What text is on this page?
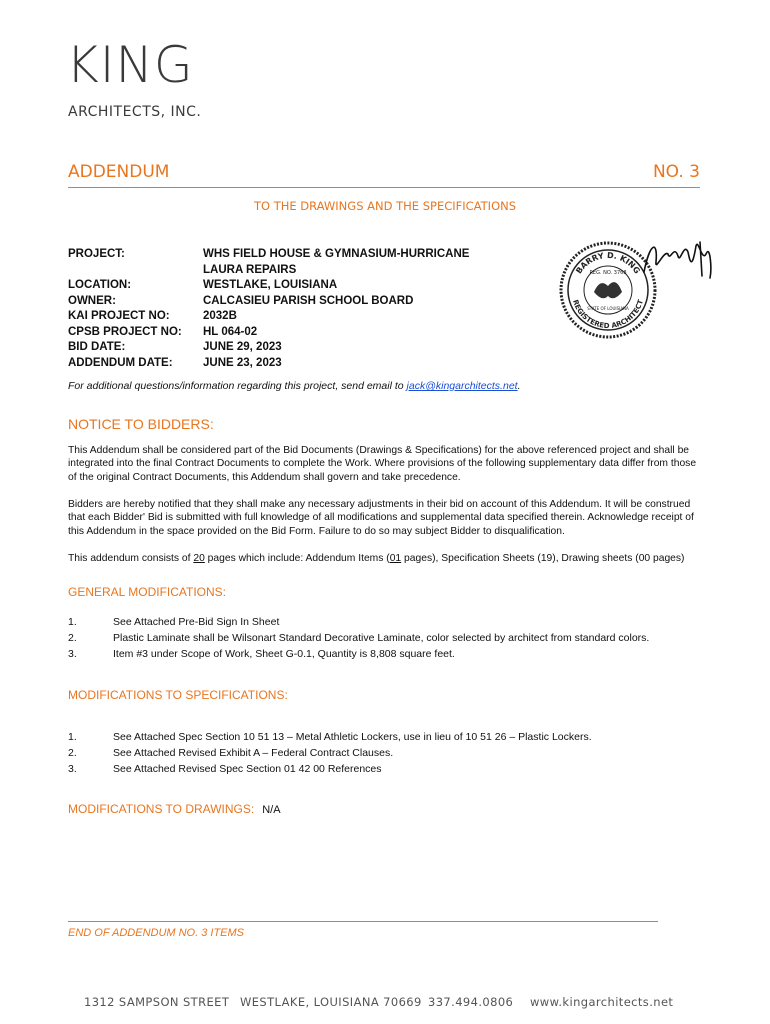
KING
ARCHITECTS, INC.
ADDENDUM	NO. 3
TO THE DRAWINGS AND THE SPECIFICATIONS
PROJECT:	WHS FIELD HOUSE & GYMNASIUM-HURRICANE LAURA REPAIRS
LOCATION:	WESTLAKE, LOUISIANA
OWNER:	CALCASIEU PARISH SCHOOL BOARD
KAI PROJECT NO:	2032B
CPSB PROJECT NO:	HL 064-02
BID DATE:	JUNE 29, 2023
ADDENDUM DATE:	JUNE 23, 2023
BARRY D. KING
REGISTERED ARCHITECT
REG. NO. 3768
STATE OF LOUISIANA
For additional questions/information regarding this project, send email to jack@kingarchitects.net.
NOTICE TO BIDDERS:
This Addendum shall be considered part of the Bid Documents (Drawings & Specifications) for the above referenced project and shall be integrated into the final Contract Documents to complete the Work. Where provisions of the following supplementary data differ from those of the original Contract Documents, this Addendum shall govern and take precedence.
Bidders are hereby notified that they shall make any necessary adjustments in their bid on account of this Addendum. It will be construed that each Bidder' Bid is submitted with full knowledge of all modifications and supplemental data specified therein. Acknowledge receipt of this Addendum in the space provided on the Bid Form. Failure to do so may subject Bidder to disqualification.
This addendum consists of 20 pages which include: Addendum Items (01 pages), Specification Sheets (19), Drawing sheets (00 pages)
GENERAL MODIFICATIONS:
1.	See Attached Pre-Bid Sign In Sheet
2.	Plastic Laminate shall be Wilsonart Standard Decorative Laminate, color selected by architect from standard colors.
3.	Item #3 under Scope of Work, Sheet G-0.1, Quantity is 8,808 square feet.
MODIFICATIONS TO SPECIFICATIONS:
1.	See Attached Spec Section 10 51 13 – Metal Athletic Lockers, use in lieu of 10 51 26 – Plastic Lockers.
2.	See Attached Revised Exhibit A – Federal Contract Clauses.
3.	See Attached Revised Spec Section 01 42 00 References
MODIFICATIONS TO DRAWINGS: N/A
END OF ADDENDUM NO. 3 ITEMS
1312 SAMPSON STREET WESTLAKE, LOUISIANA 70669 337.494.0806 www.kingarchitects.net
